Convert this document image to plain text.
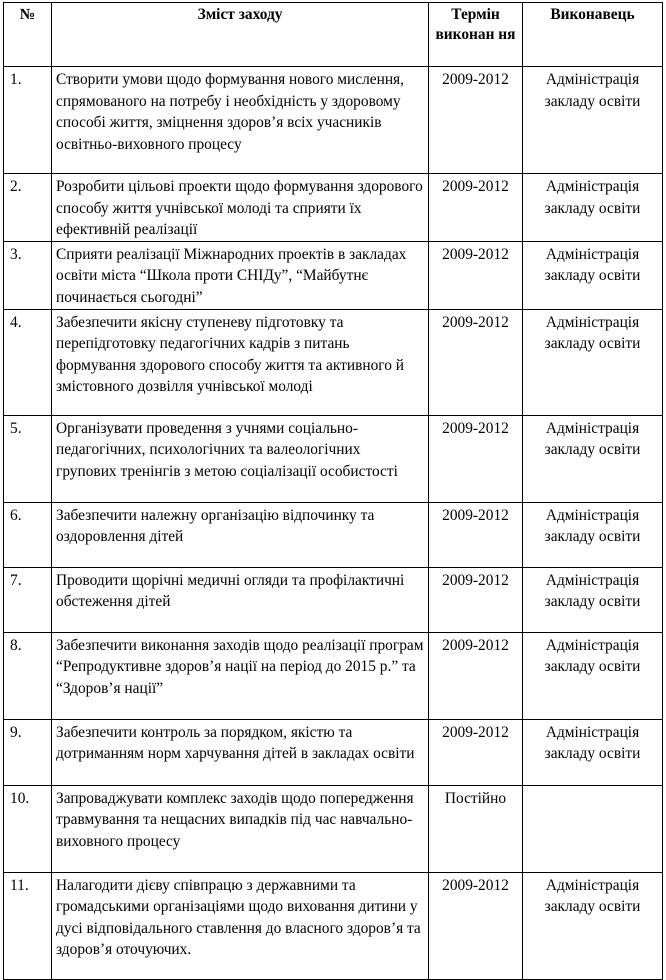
№	Зміст заходу	Термін виконан ня	Виконавець
1.	Створити умови щодо формування нового мислення, спрямованого на потребу і необхідність у здоровому способі життя, зміцнення здоров’я всіх учасників освітньо-виховного процесу	2009-2012	Адміністрація закладу освіти
2.	Розробити цільові проекти щодо формування здорового способу життя учнівської молоді та сприяти їх ефективній реалізації	2009-2012	Адміністрація закладу освіти
3.	Сприяти реалізації Міжнародних проектів в закладах освіти міста “Школа проти СНІДу”, “Майбутнє починається сьогодні”	2009-2012	Адміністрація закладу освіти
4.	Забезпечити якісну ступеневу підготовку та перепідготовку педагогічних кадрів з питань формування здорового способу життя та активного й змістовного дозвілля учнівської молоді	2009-2012	Адміністрація закладу освіти
5.	Організувати проведення з учнями соціально-педагогічних, психологічних та валеологічних групових тренінгів з метою соціалізації особистості	2009-2012	Адміністрація закладу освіти
6.	Забезпечити належну організацію відпочинку та оздоровлення дітей	2009-2012	Адміністрація закладу освіти
7.	Проводити щорічні медичні огляди та профілактичні обстеження дітей	2009-2012	Адміністрація закладу освіти
8.	Забезпечити виконання заходів щодо реалізації програм “Репродуктивне здоров’я нації на період до 2015 р.” та “Здоров’я нації”	2009-2012	Адміністрація закладу освіти
9.	Забезпечити контроль за порядком, якістю та дотриманням норм харчування дітей в закладах освіти	2009-2012	Адміністрація закладу освіти
10.	Запроваджувати комплекс заходів щодо попередження травмування та нещасних випадків під час навчально-виховного процесу	Постійно	
11.	Налагодити дієву співпрацю з державними та громадськими організаціями щодо виховання дитини у дусі відповідального ставлення до власного здоров’я та здоров’я оточуючих.	2009-2012	Адміністрація закладу освіти
